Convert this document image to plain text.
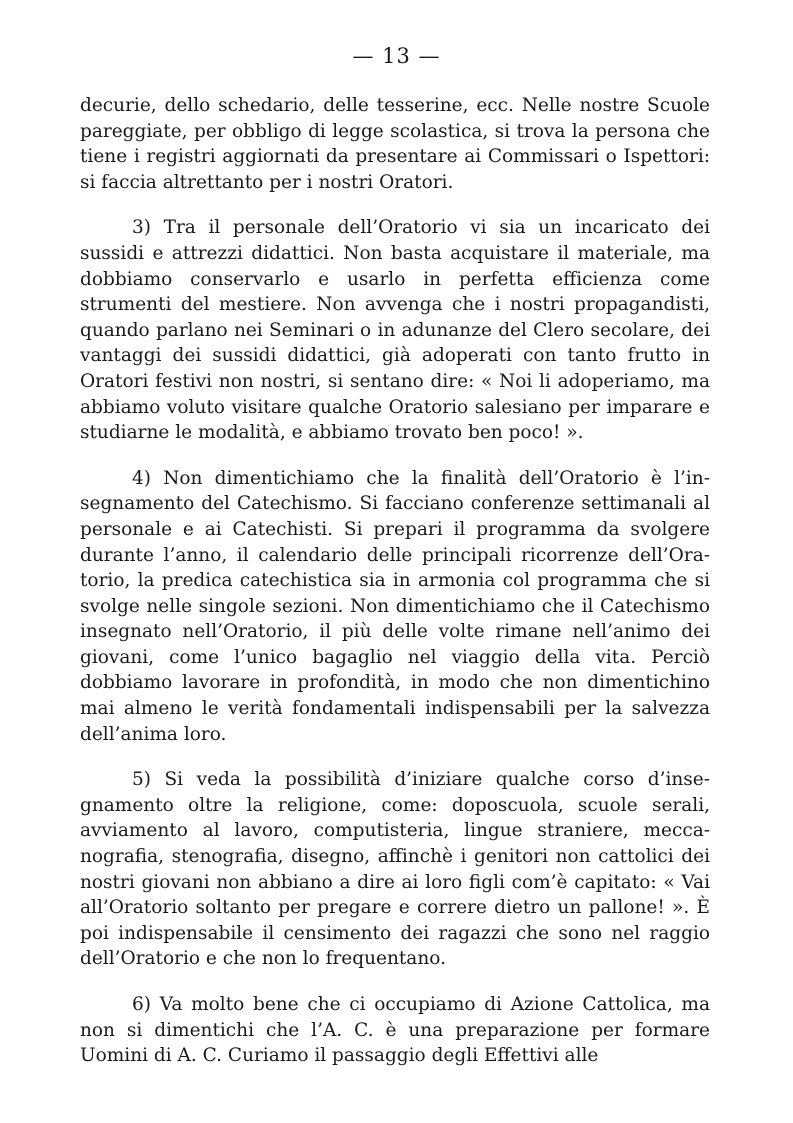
— 13 —

decurie, dello schedario, delle tesserine, ecc. Nelle nostre Scuole pareggiate, per obbligo di legge scolastica, si trova la persona che tiene i registri aggiornati da presentare ai Commissari o Ispettori: si faccia altrettanto per i nostri Oratori.

3) Tra il personale dell’Oratorio vi sia un incaricato dei sussidi e attrezzi didattici. Non basta acquistare il materiale, ma dobbiamo conservarlo e usarlo in perfetta efficienza come strumenti del mestiere. Non avvenga che i nostri propagandisti, quando parlano nei Seminari o in adunanze del Clero secolare, dei vantaggi dei sussidi didattici, già adoperati con tanto frutto in Oratori festivi non nostri, si sentano dire: « Noi li adoperiamo, ma abbiamo voluto visitare qualche Oratorio salesiano per imparare e studiarne le modalità, e abbiamo trovato ben poco! ».

4) Non dimentichiamo che la finalità dell’Oratorio è l’insegnamento del Catechismo. Si facciano conferenze settimanali al personale e ai Catechisti. Si prepari il programma da svolgere durante l’anno, il calendario delle principali ricorrenze dell’Oratorio, la predica catechistica sia in armonia col programma che si svolge nelle singole sezioni. Non dimentichiamo che il Catechismo insegnato nell’Oratorio, il più delle volte rimane nell’animo dei giovani, come l’unico bagaglio nel viaggio della vita. Perciò dobbiamo lavorare in profondità, in modo che non dimentichino mai almeno le verità fondamentali indispensabili per la salvezza dell’anima loro.

5) Si veda la possibilità d’iniziare qualche corso d’insegnamento oltre la religione, come: doposcuola, scuole serali, avviamento al lavoro, computisteria, lingue straniere, meccanografia, stenografia, disegno, affinchè i genitori non cattolici dei nostri giovani non abbiano a dire ai loro figli com’è capitato: « Vai all’Oratorio soltanto per pregare e correre dietro un pallone! ». È poi indispensabile il censimento dei ragazzi che sono nel raggio dell’Oratorio e che non lo frequentano.

6) Va molto bene che ci occupiamo di Azione Cattolica, ma non si dimentichi che l’A. C. è una preparazione per formare Uomini di A. C. Curiamo il passaggio degli Effettivi alle
